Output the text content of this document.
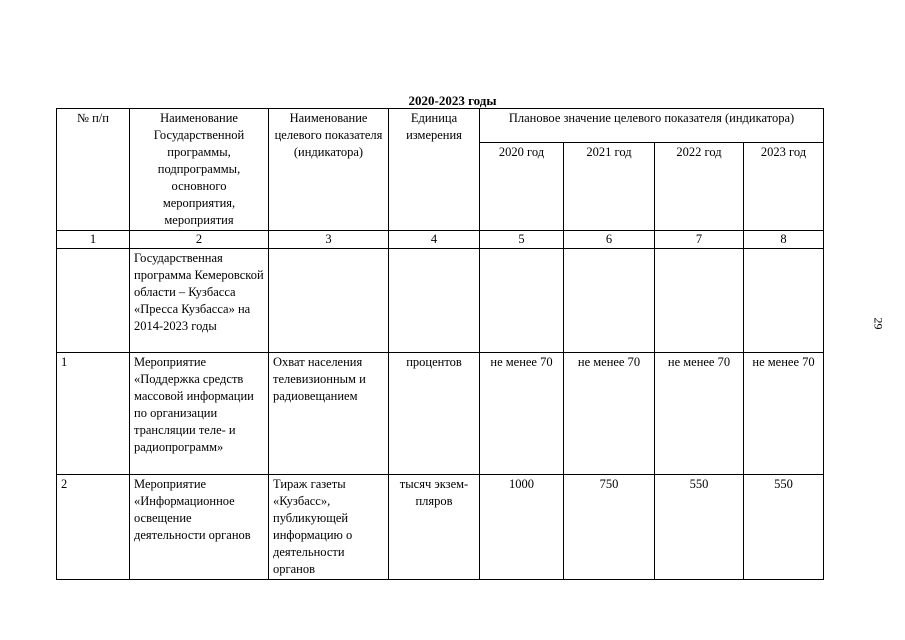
2020-2023 годы
29
№ п/п	Наименование Государственной программы, подпрограммы, основного мероприятия, мероприятия	Наименование целевого показателя (индикатора)	Единица измерения	Плановое значение целевого показателя (индикатора)			
				2020 год	2021 год	2022 год	2023 год
1	2	3	4	5	6	7	8
	Государственная программа Кемеровской области – Кузбасса «Пресса Кузбасса» на 2014-2023 годы						
1	Мероприятие «Поддержка средств массовой информации по организации трансляции теле- и радиопрограмм»	Охват населения телевизионным и радиовещанием	процентов	не менее 70	не менее 70	не менее 70	не менее 70
2	Мероприятие «Информационное освещение деятельности органов	Тираж газеты «Кузбасс», публикующей информацию о деятельности органов	тысяч экзем-пляров	1000	750	550	550
